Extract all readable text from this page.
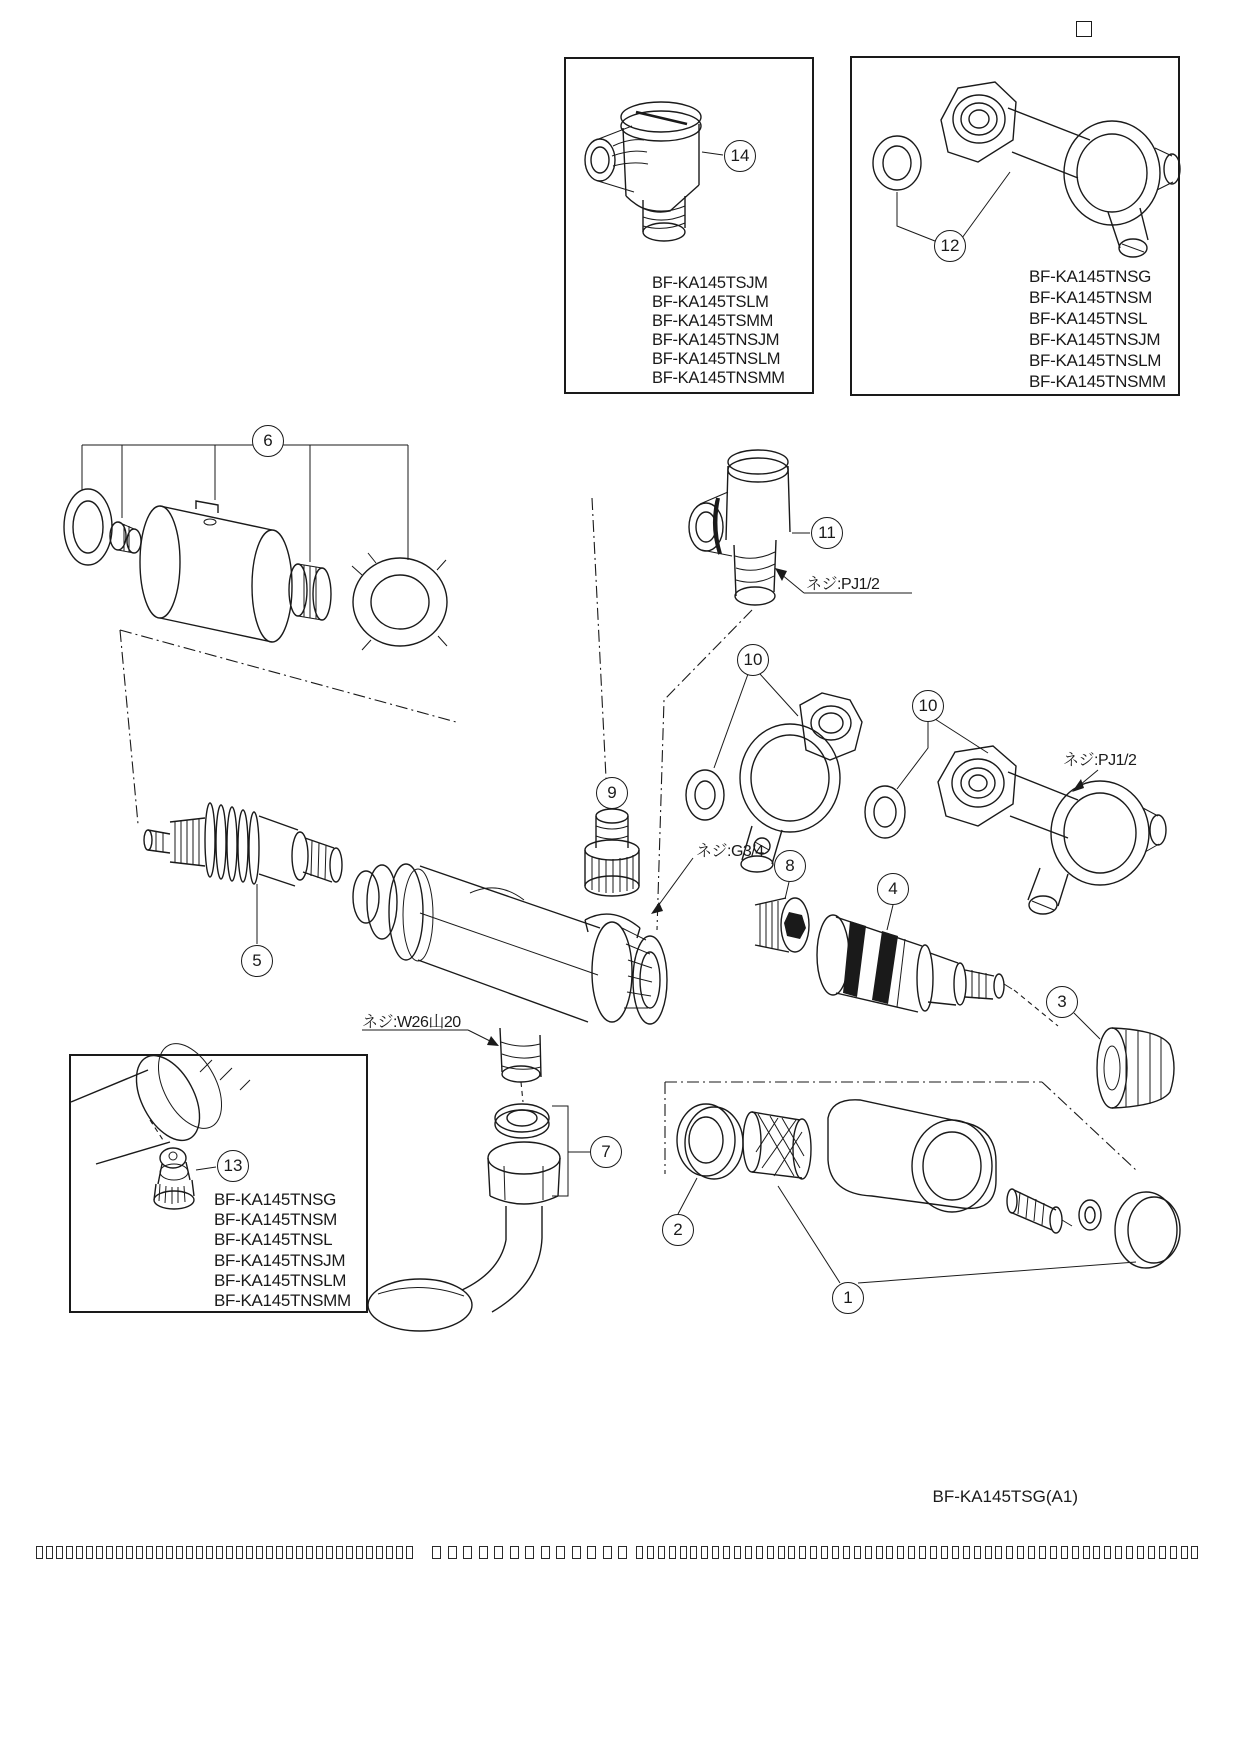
1
2
3
4
5
6
7
8
9
10
10
11
12
13
14
BF-KA145TSJM
BF-KA145TSLM
BF-KA145TSMM
BF-KA145TNSJM
BF-KA145TNSLM
BF-KA145TNSMM
BF-KA145TNSG
BF-KA145TNSM
BF-KA145TNSL
BF-KA145TNSJM
BF-KA145TNSLM
BF-KA145TNSMM
BF-KA145TNSG
BF-KA145TNSM
BF-KA145TNSL
BF-KA145TNSJM
BF-KA145TNSLM
BF-KA145TNSMM
ネジ:PJ1/2
ネジ:PJ1/2
ネジ:G3/4
ネジ:W26山20
BF-KA145TSG(A1)
